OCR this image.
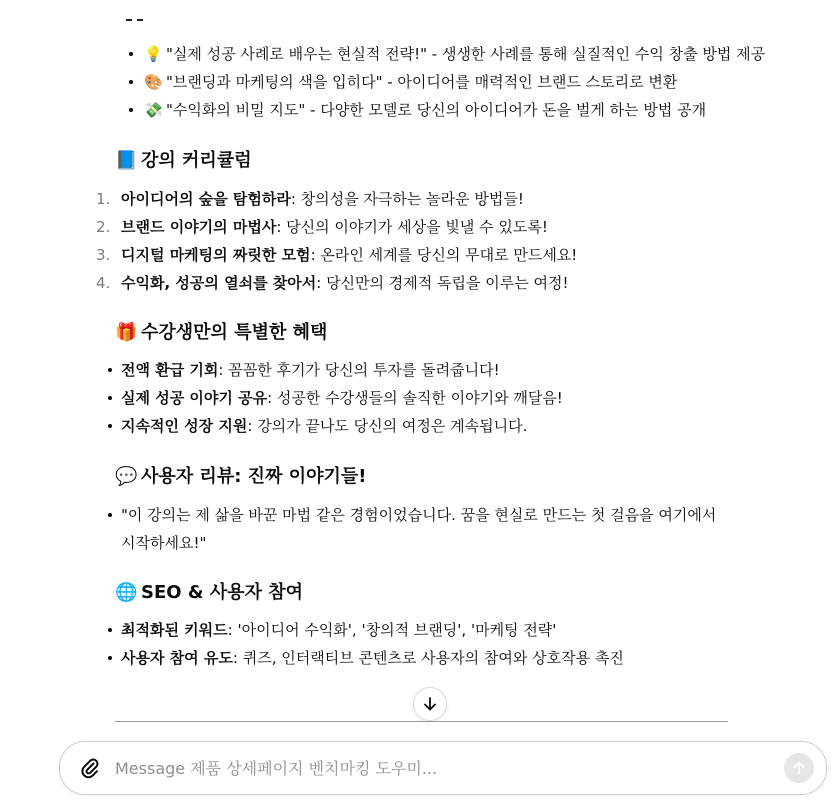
💡 "실제 성공 사례로 배우는 현실적 전략!" - 생생한 사례를 통해 실질적인 수익 창출 방법 제공
🎨 "브랜딩과 마케팅의 색을 입히다" - 아이디어를 매력적인 브랜드 스토리로 변환
💸 "수익화의 비밀 지도" - 다양한 모델로 당신의 아이디어가 돈을 벌게 하는 방법 공개
📘 강의 커리큘럼
1. 아이디어의 숲을 탐험하라: 창의성을 자극하는 놀라운 방법들!
2. 브랜드 이야기의 마법사: 당신의 이야기가 세상을 빛낼 수 있도록!
3. 디지털 마케팅의 짜릿한 모험: 온라인 세계를 당신의 무대로 만드세요!
4. 수익화, 성공의 열쇠를 찾아서: 당신만의 경제적 독립을 이루는 여정!
🎁 수강생만의 특별한 혜택
전액 환급 기회: 꼼꼼한 후기가 당신의 투자를 돌려줍니다!
실제 성공 이야기 공유: 성공한 수강생들의 솔직한 이야기와 깨달음!
지속적인 성장 지원: 강의가 끝나도 당신의 여정은 계속됩니다.
💬 사용자 리뷰: 진짜 이야기들!
"이 강의는 제 삶을 바꾼 마법 같은 경험이었습니다. 꿈을 현실로 만드는 첫 걸음을 여기에서 시작하세요!"
🌐 SEO & 사용자 참여
최적화된 키워드: '아이디어 수익화', '창의적 브랜딩', '마케팅 전략'
사용자 참여 유도: 퀴즈, 인터랙티브 콘텐츠로 사용자의 참여와 상호작용 촉진
Message 제품 상세페이지 벤치마킹 도우미...
